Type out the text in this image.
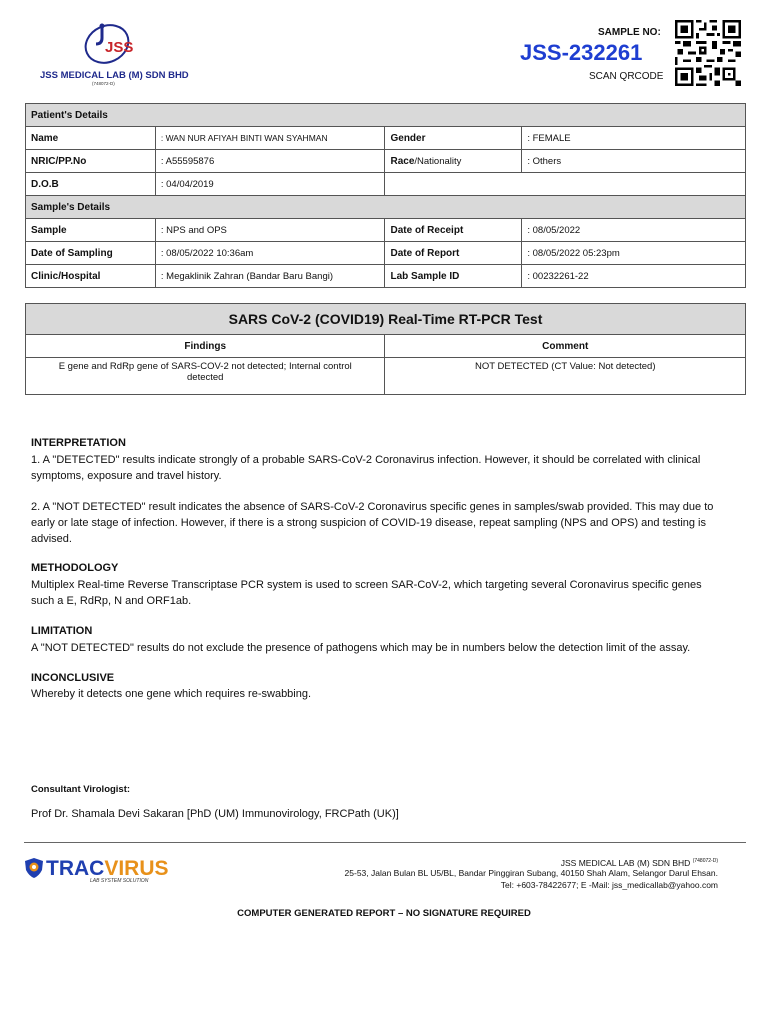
JSS
JSS MEDICAL LAB (M) SDN BHD
(748072-D)
SAMPLE NO:
JSS-232261
SCAN QRCODE
Patient's Details			
Name	: WAN NUR AFIYAH BINTI WAN SYAHMAN	Gender	: FEMALE
NRIC/PP.No	: A55595876	Race/Nationality	: Others
D.O.B	: 04/04/2019		
Sample's Details			
Sample	: NPS and OPS	Date of Receipt	: 08/05/2022
Date of Sampling	: 08/05/2022 10:36am	Date of Report	: 08/05/2022 05:23pm
Clinic/Hospital	: Megaklinik Zahran (Bandar Baru Bangi)	Lab Sample ID	: 00232261-22
SARS CoV-2 (COVID19) Real-Time RT-PCR Test	
Findings	Comment

E gene and RdRp gene of SARS-COV-2 not detected; Internal control
detected	NOT DETECTED (CT Value: Not detected)
INTERPRETATION
1. A "DETECTED" results indicate strongly of a probable SARS-CoV-2 Coronavirus infection. However, it should be correlated with clinical
symptoms, exposure and travel history.
2. A "NOT DETECTED" result indicates the absence of SARS-CoV-2 Coronavirus specific genes in samples/swab provided. This may due to
early or late stage of infection. However, if there is a strong suspicion of COVID-19 disease, repeat sampling (NPS and OPS) and testing is
advised.
METHODOLOGY
Multiplex Real-time Reverse Transcriptase PCR system is used to screen SAR-CoV-2, which targeting several Coronavirus specific genes
such a E, RdRp, N and ORF1ab.
LIMITATION
A "NOT DETECTED" results do not exclude the presence of pathogens which may be in numbers below the detection limit of the assay.
INCONCLUSIVE
Whereby it detects one gene which requires re-swabbing.
Consultant Virologist:
Prof Dr. Shamala Devi Sakaran [PhD (UM) Immunovirology, FRCPath (UK)]
TRACVIRUS
LAB SYSTEM SOLUTION
JSS MEDICAL LAB (M) SDN BHD $^{(748072-D)}$
25-53, Jalan Bulan BL U5/BL, Bandar Pinggiran Subang, 40150 Shah Alam, Selangor Darul Ehsan.
Tel: +603-78422677; E -Mail: jss_medicallab@yahoo.com
COMPUTER GENERATED REPORT – NO SIGNATURE REQUIRED
